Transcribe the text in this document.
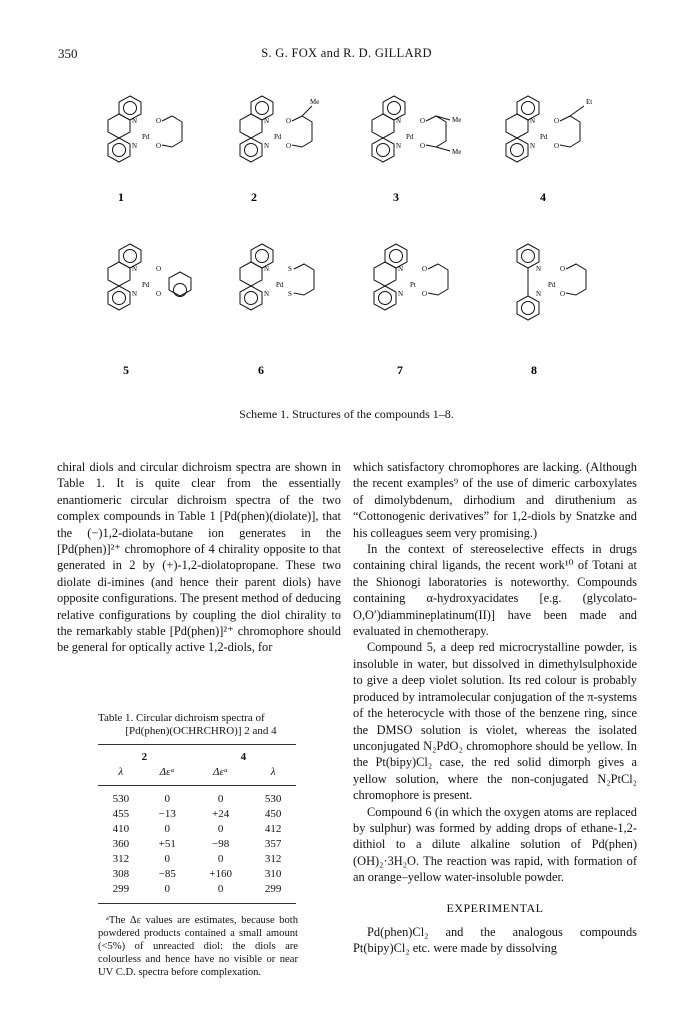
350	S. G. FOX and R. D. GILLARD
N
N
Pd
O
O
N
N
Pd
O
O
Me
N
N
Pd
O
O
Me
Me
N
N
Pd
O
O
Et
1	2	3	4
N
N
Pd
O
O
N
N
Pd
S
S
N
N
Pt
O
O
N
N
Pd
O
O
5	6	7	8
Scheme 1. Structures of the compounds 1–8.

chiral diols and circular dichroism spectra are shown in Table 1. It is quite clear from the essentially enantiomeric circular dichroism spectra of the two complex compounds in Table 1 [Pd(phen)(diolate)], that the (−)1,2-diolata-butane ion generates in the [Pd(phen)]²⁺ chromophore of 4 chirality opposite to that generated in 2 by (+)-1,2-diolatopropane. These two diolate di-imines (and hence their parent diols) have opposite configurations. The present method of deducing relative configurations by coupling the diol chirality to the remarkably stable [Pd(phen)]²⁺ chromophore should be general for optically active 1,2-diols, for

Table 1. Circular dichroism spectra of
[Pd(phen)(OCHRCHRO)] 2 and 4
2		4	
λ	Δεᵃ	Δεᵃ	λ
530	0	0	530
455	−13	+24	450
410	0	0	412
360	+51	−98	357
312	0	0	312
308	−85	+160	310
299	0	0	299
ᵃThe Δε values are estimates, because both powdered products contained a small amount (<5%) of unreacted diol: the diols are colourless and hence have no visible or near UV C.D. spectra before complexation.

which satisfactory chromophores are lacking. (Although the recent examples⁹ of the use of dimeric carboxylates of dimolybdenum, dirhodium and diruthenium as “Cottonogenic derivatives” for 1,2-diols by Snatzke and his colleagues seem very promising.)

In the context of stereoselective effects in drugs containing chiral ligands, the recent work¹⁰ of Totani at the Shionogi laboratories is noteworthy. Compounds containing α-hydroxyacidates [e.g. (glycolato-O,O′)diammineplatinum(II)] have been made and evaluated in chemotherapy.

Compound 5, a deep red microcrystalline powder, is insoluble in water, but dissolved in dimethylsulphoxide to give a deep violet solution. Its red colour is probably produced by intramolecular conjugation of the π-systems of the heterocycle with those of the benzene ring, since the DMSO solution is violet, whereas the isolated unconjugated N₂PdO₂ chromophore should be yellow. In the Pt(bipy)Cl₂ case, the red solid dimorph gives a yellow solution, where the non-conjugated N₂PtCl₂ chromophore is present.

Compound 6 (in which the oxygen atoms are replaced by sulphur) was formed by adding drops of ethane-1,2-dithiol to a dilute alkaline solution of Pd(phen)(OH)₂·3H₂O. The reaction was rapid, with formation of an orange–yellow water-insoluble powder.

EXPERIMENTAL

Pd(phen)Cl₂ and the analogous compounds Pt(bipy)Cl₂ etc. were made by dissolving
